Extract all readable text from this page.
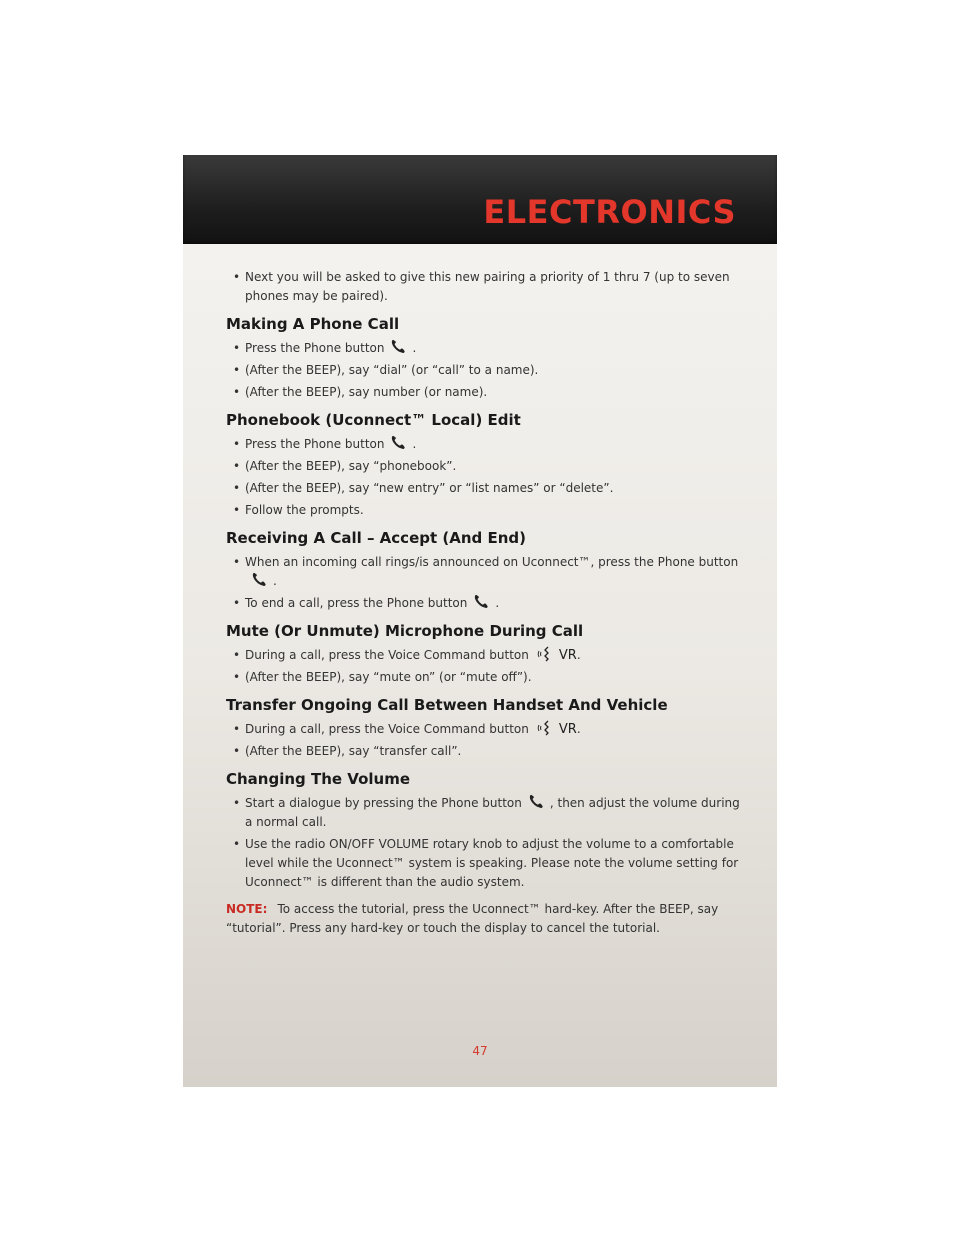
ELECTRONICS
• Next you will be asked to give this new pairing a priority of 1 thru 7 (up to seven phones may be paired).
Making A Phone Call
• Press the Phone button .
• (After the BEEP), say “dial” (or “call” to a name).
• (After the BEEP), say number (or name).
Phonebook (Uconnect™ Local) Edit
• Press the Phone button .
• (After the BEEP), say “phonebook”.
• (After the BEEP), say “new entry” or “list names” or “delete”.
• Follow the prompts.
Receiving A Call – Accept (And End)
• When an incoming call rings/is announced on Uconnect™, press the Phone button.
• To end a call, press the Phone button .
Mute (Or Unmute) Microphone During Call
• During a call, press the Voice Command button VR.
• (After the BEEP), say “mute on” (or “mute off”).
Transfer Ongoing Call Between Handset And Vehicle
• During a call, press the Voice Command button VR.
• (After the BEEP), say “transfer call”.
Changing The Volume
• Start a dialogue by pressing the Phone button , then adjust the volume during a normal call.
• Use the radio ON/OFF VOLUME rotary knob to adjust the volume to a comfortable level while the Uconnect™ system is speaking. Please note the volume setting for Uconnect™ is different than the audio system.
NOTE: To access the tutorial, press the Uconnect™ hard-key. After the BEEP, say “tutorial”. Press any hard-key or touch the display to cancel the tutorial.
47
